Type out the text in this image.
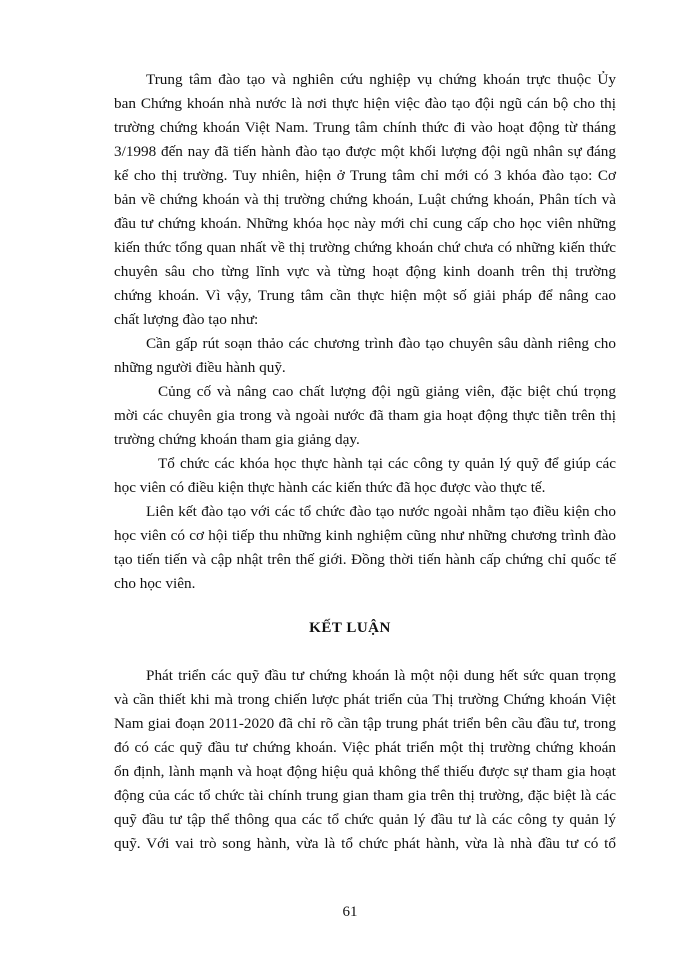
Trung tâm đào tạo và nghiên cứu nghiệp vụ chứng khoán trực thuộc Ủy
ban Chứng khoán nhà nước là nơi thực hiện việc đào tạo đội ngũ cán bộ cho thị
trường chứng khoán Việt Nam. Trung tâm chính thức đi vào hoạt động từ tháng
3/1998 đến nay đã tiến hành đào tạo được một khối lượng đội ngũ nhân sự đáng
kể cho thị trường. Tuy nhiên, hiện ở Trung tâm chỉ mới có 3 khóa đào tạo: Cơ
bản về chứng khoán và thị trường chứng khoán, Luật chứng khoán, Phân tích và
đầu tư chứng khoán. Những khóa học này mới chỉ cung cấp cho học viên những
kiến thức tổng quan nhất về thị trường chứng khoán chứ chưa có những kiến thức
chuyên sâu cho từng lĩnh vực và từng hoạt động kinh doanh trên thị trường
chứng khoán. Vì vậy, Trung tâm cần thực hiện một số giải pháp để nâng cao
chất lượng đào tạo như:
Cần gấp rút soạn thảo các chương trình đào tạo chuyên sâu dành riêng cho
những người điều hành quỹ.
Củng cố và nâng cao chất lượng đội ngũ giảng viên, đặc biệt chú trọng
mời các chuyên gia trong và ngoài nước đã tham gia hoạt động thực tiễn trên thị
trường chứng khoán tham gia giảng dạy.
Tổ chức các khóa học thực hành tại các công ty quản lý quỹ để giúp các
học viên có điều kiện thực hành các kiến thức đã học được vào thực tế.
Liên kết đào tạo với các tổ chức đào tạo nước ngoài nhằm tạo điều kiện cho
học viên có cơ hội tiếp thu những kinh nghiệm cũng như những chương trình đào
tạo tiến tiến và cập nhật trên thế giới. Đồng thời tiến hành cấp chứng chỉ quốc tế
cho học viên.
KẾT LUẬN
Phát triển các quỹ đầu tư chứng khoán là một nội dung hết sức quan trọng
và cần thiết khi mà trong chiến lược phát triển của Thị trường Chứng khoán Việt
Nam giai đoạn 2011-2020 đã chỉ rõ cần tập trung phát triển bên cầu đầu tư, trong
đó có các quỹ đầu tư chứng khoán. Việc phát triển một thị trường chứng khoán
ổn định, lành mạnh và hoạt động hiệu quả không thể thiếu được sự tham gia hoạt
động của các tổ chức tài chính trung gian tham gia trên thị trường, đặc biệt là các
quỹ đầu tư tập thể thông qua các tổ chức quản lý đầu tư là các công ty quản lý
quỹ. Với vai trò song hành, vừa là tổ chức phát hành, vừa là nhà đầu tư có tổ
61
